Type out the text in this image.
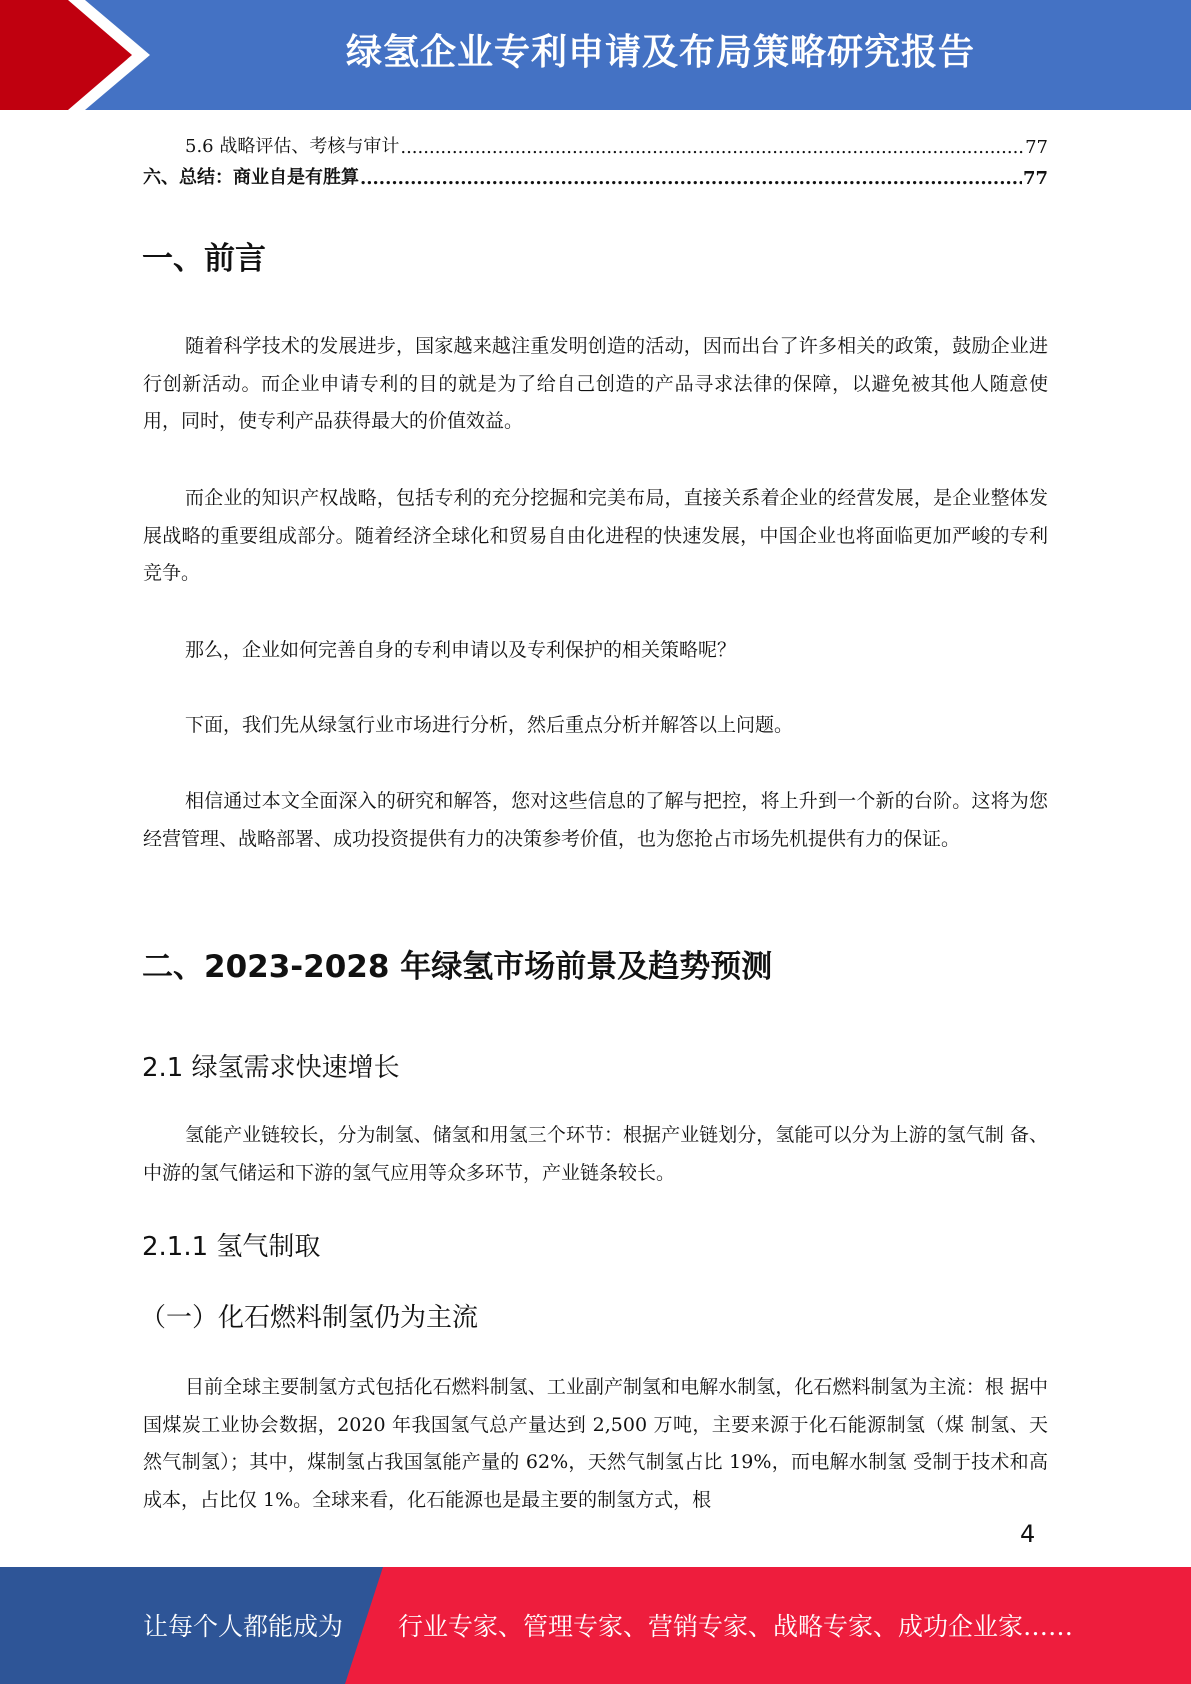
绿氢企业专利申请及布局策略研究报告
5.6 战略评估、考核与审计 .....	77
六、总结：商业自是有胜算 .....	77
一、前言

随着科学技术的发展进步，国家越来越注重发明创造的活动，因而出台了许多相关的政策，鼓励企业进行创新活动。而企业申请专利的目的就是为了给自己创造的产品寻求法律的保障，以避免被其他人随意使用，同时，使专利产品获得最大的价值效益。

而企业的知识产权战略，包括专利的充分挖掘和完美布局，直接关系着企业的经营发展，是企业整体发展战略的重要组成部分。随着经济全球化和贸易自由化进程的快速发展，中国企业也将面临更加严峻的专利竞争。

那么，企业如何完善自身的专利申请以及专利保护的相关策略呢？

下面，我们先从绿氢行业市场进行分析，然后重点分析并解答以上问题。

相信通过本文全面深入的研究和解答，您对这些信息的了解与把控，将上升到一个新的台阶。这将为您经营管理、战略部署、成功投资提供有力的决策参考价值，也为您抢占市场先机提供有力的保证。

二、2023-2028 年绿氢市场前景及趋势预测
2.1 绿氢需求快速增长

氢能产业链较长，分为制氢、储氢和用氢三个环节：根据产业链划分，氢能可以分为上游的氢气制 备、中游的氢气储运和下游的氢气应用等众多环节，产业链条较长。

2.1.1 氢气制取
（一）化石燃料制氢仍为主流

目前全球主要制氢方式包括化石燃料制氢、工业副产制氢和电解水制氢，化石燃料制氢为主流：根 据中国煤炭工业协会数据，2020 年我国氢气总产量达到 2,500 万吨，主要来源于化石能源制氢（煤 制氢、天然气制氢）；其中，煤制氢占我国氢能产量的 62%，天然气制氢占比 19%，而电解水制氢 受制于技术和高成本，占比仅 1%。全球来看，化石能源也是最主要的制氢方式，根

4
让每个人都能成为 行业专家、管理专家、营销专家、战略专家、成功企业家……
